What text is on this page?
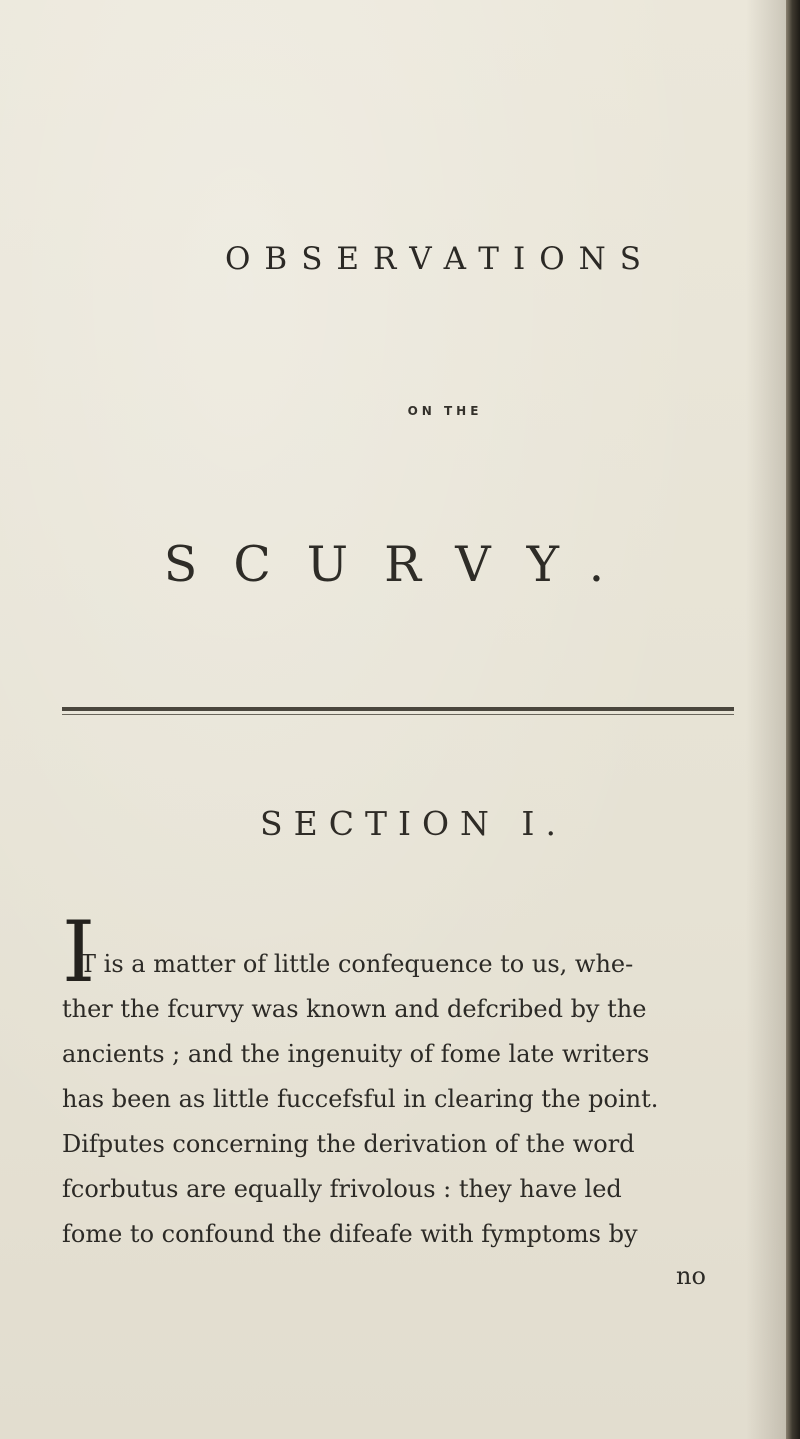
OBSERVATIONS
ON THE
SCURVY.
SECTION I.
I
T is a matter of little confequence to us, whe-
ther the fcurvy was known and defcribed by the
ancients ; and the ingenuity of fome late writers
has been as little fuccefsful in clearing the point.
Difputes concerning the derivation of the word
fcorbutus are equally frivolous : they have led
fome to confound the difeafe with fymptoms by
no
